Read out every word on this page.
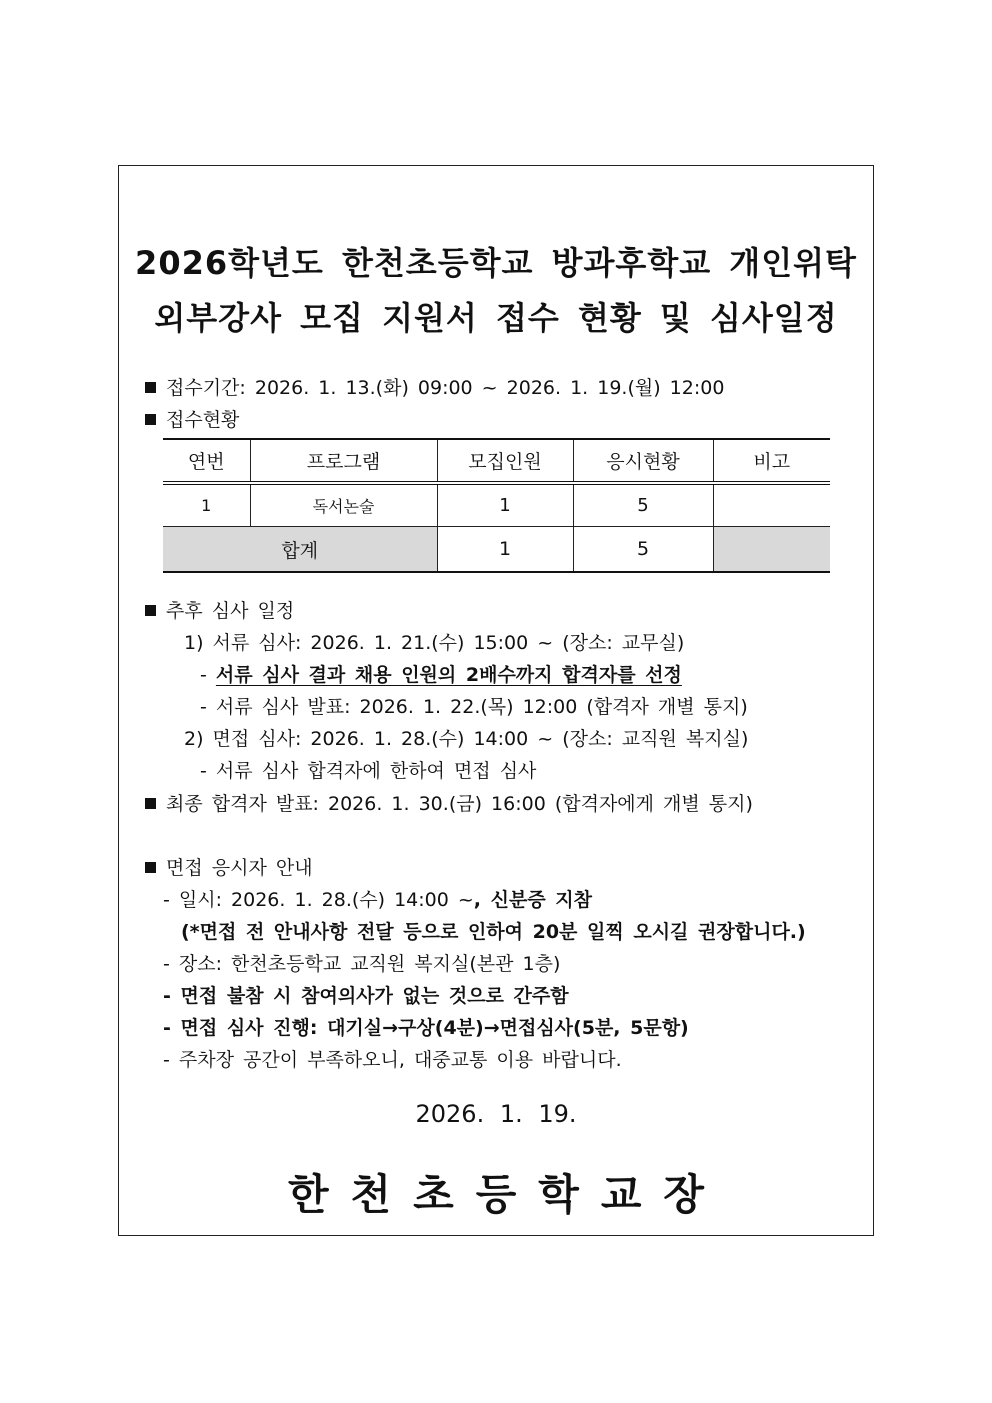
2026학년도 한천초등학교 방과후학교 개인위탁
외부강사 모집 지원서 접수 현황 및 심사일정
접수기간: 2026. 1. 13.(화) 09:00 ~ 2026. 1. 19.(월) 12:00
접수현황
연번	프로그램	모집인원	응시현황	비고
1	독서논술	1	5	
합계		1	5	
추후 심사 일정
1) 서류 심사: 2026. 1. 21.(수) 15:00 ~ (장소: 교무실)
- 서류 심사 결과 채용 인원의 2배수까지 합격자를 선정
- 서류 심사 발표: 2026. 1. 22.(목) 12:00 (합격자 개별 통지)
2) 면접 심사: 2026. 1. 28.(수) 14:00 ~ (장소: 교직원 복지실)
- 서류 심사 합격자에 한하여 면접 심사
최종 합격자 발표: 2026. 1. 30.(금) 16:00 (합격자에게 개별 통지)
면접 응시자 안내
- 일시: 2026. 1. 28.(수) 14:00 ~, 신분증 지참
(*면접 전 안내사항 전달 등으로 인하여 20분 일찍 오시길 권장합니다.)
- 장소: 한천초등학교 교직원 복지실(본관 1층)
- 면접 불참 시 참여의사가 없는 것으로 간주함
- 면접 심사 진행: 대기실→구상(4분)→면접심사(5분, 5문항)
- 주차장 공간이 부족하오니, 대중교통 이용 바랍니다.
2026. 1. 19.
한천초등학교장
